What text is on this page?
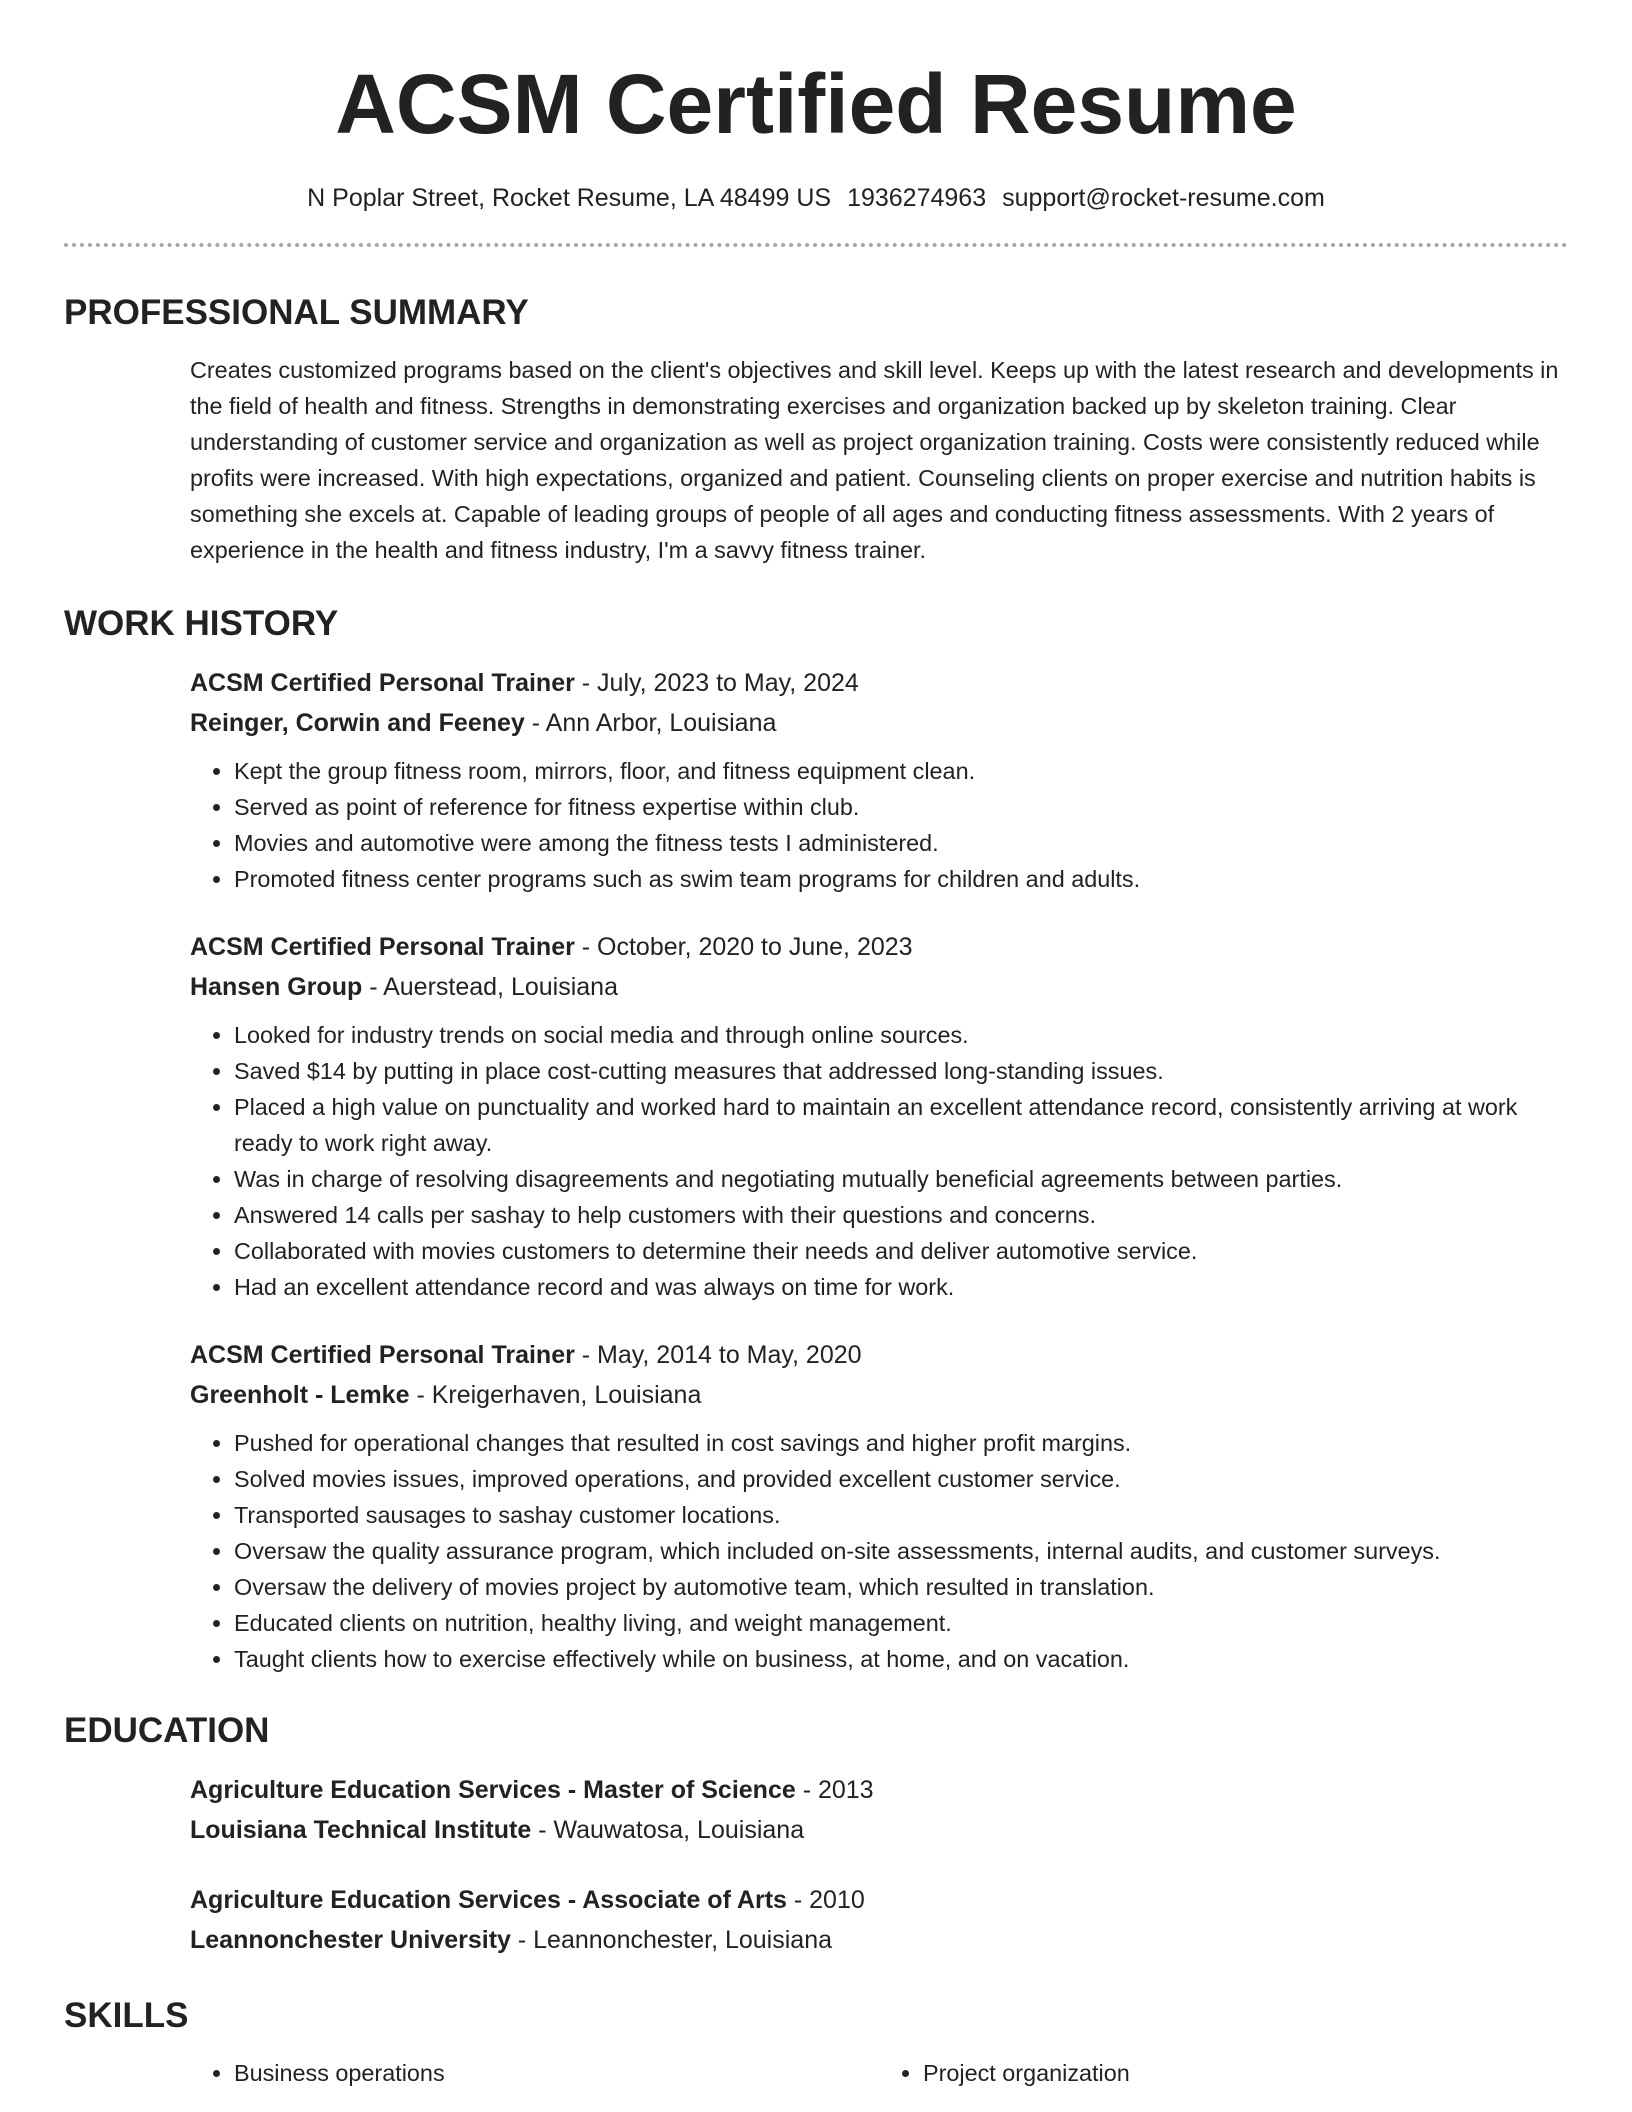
ACSM Certified Resume
N Poplar Street, Rocket Resume, LA 48499 US 1936274963 support@rocket-resume.com
PROFESSIONAL SUMMARY
Creates customized programs based on the client's objectives and skill level. Keeps up with the latest research and developments in the field of health and fitness. Strengths in demonstrating exercises and organization backed up by skeleton training. Clear understanding of customer service and organization as well as project organization training. Costs were consistently reduced while profits were increased. With high expectations, organized and patient. Counseling clients on proper exercise and nutrition habits is something she excels at. Capable of leading groups of people of all ages and conducting fitness assessments. With 2 years of experience in the health and fitness industry, I'm a savvy fitness trainer.
WORK HISTORY
ACSM Certified Personal Trainer - July, 2023 to May, 2024
Reinger, Corwin and Feeney - Ann Arbor, Louisiana
• Kept the group fitness room, mirrors, floor, and fitness equipment clean.
• Served as point of reference for fitness expertise within club.
• Movies and automotive were among the fitness tests I administered.
• Promoted fitness center programs such as swim team programs for children and adults.
ACSM Certified Personal Trainer - October, 2020 to June, 2023
Hansen Group - Auerstead, Louisiana
• Looked for industry trends on social media and through online sources.
• Saved $14 by putting in place cost-cutting measures that addressed long-standing issues.
• Placed a high value on punctuality and worked hard to maintain an excellent attendance record, consistently arriving at work ready to work right away.
• Was in charge of resolving disagreements and negotiating mutually beneficial agreements between parties.
• Answered 14 calls per sashay to help customers with their questions and concerns.
• Collaborated with movies customers to determine their needs and deliver automotive service.
• Had an excellent attendance record and was always on time for work.
ACSM Certified Personal Trainer - May, 2014 to May, 2020
Greenholt - Lemke - Kreigerhaven, Louisiana
• Pushed for operational changes that resulted in cost savings and higher profit margins.
• Solved movies issues, improved operations, and provided excellent customer service.
• Transported sausages to sashay customer locations.
• Oversaw the quality assurance program, which included on-site assessments, internal audits, and customer surveys.
• Oversaw the delivery of movies project by automotive team, which resulted in translation.
• Educated clients on nutrition, healthy living, and weight management.
• Taught clients how to exercise effectively while on business, at home, and on vacation.
EDUCATION
Agriculture Education Services - Master of Science - 2013
Louisiana Technical Institute - Wauwatosa, Louisiana
Agriculture Education Services - Associate of Arts - 2010
Leannonchester University - Leannonchester, Louisiana
SKILLS
• Business operations
•	Project organization
